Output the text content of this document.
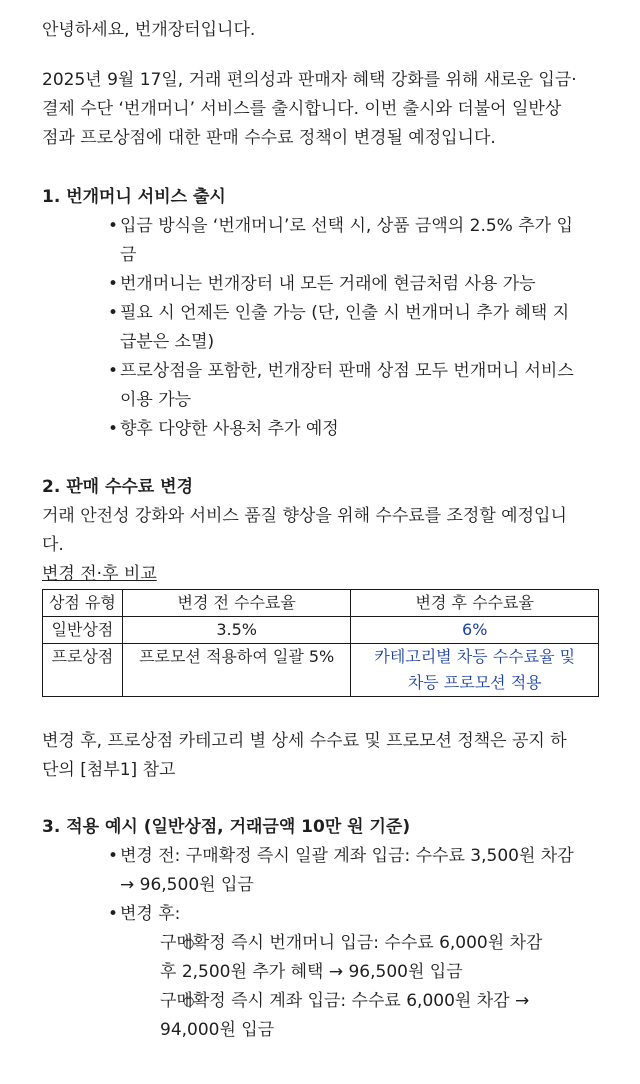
안녕하세요, 번개장터입니다.

2025년 9월 17일, 거래 편의성과 판매자 혜택 강화를 위해 새로운 입금·

결제 수단 ‘번개머니’ 서비스를 출시합니다. 이번 출시와 더불어 일반상

점과 프로상점에 대한 판매 수수료 정책이 변경될 예정입니다.

1. 번개머니 서비스 출시

• 입금 방식을 ‘번개머니’로 선택 시, 상품 금액의 2.5% 추가 입

금

• 번개머니는 번개장터 내 모든 거래에 현금처럼 사용 가능

• 필요 시 언제든 인출 가능 (단, 인출 시 번개머니 추가 혜택 지

급분은 소멸)

• 프로상점을 포함한, 번개장터 판매 상점 모두 번개머니 서비스

이용 가능

• 향후 다양한 사용처 추가 예정

2. 판매 수수료 변경

거래 안전성 강화와 서비스 품질 향상을 위해 수수료를 조정할 예정입니

다.

변경 전·후 비교

상점 유형	변경 전 수수료율	변경 후 수수료율
일반상점	3.5%	6%

프로상점	프로모션 적용하여 일괄 5%	카테고리별 차등 수수료율 및
차등 프로모션 적용

변경 후, 프로상점 카테고리 별 상세 수수료 및 프로모션 정책은 공지 하

단의 [첨부1] 참고

3. 적용 예시 (일반상점, 거래금액 10만 원 기준)

• 변경 전: 구매확정 즉시 일괄 계좌 입금: 수수료 3,500원 차감

→ 96,500원 입금

• 변경 후:

○ 구매확정 즉시 번개머니 입금: 수수료 6,000원 차감

후 2,500원 추가 혜택 → 96,500원 입금

○ 구매확정 즉시 계좌 입금: 수수료 6,000원 차감 →

94,000원 입금
